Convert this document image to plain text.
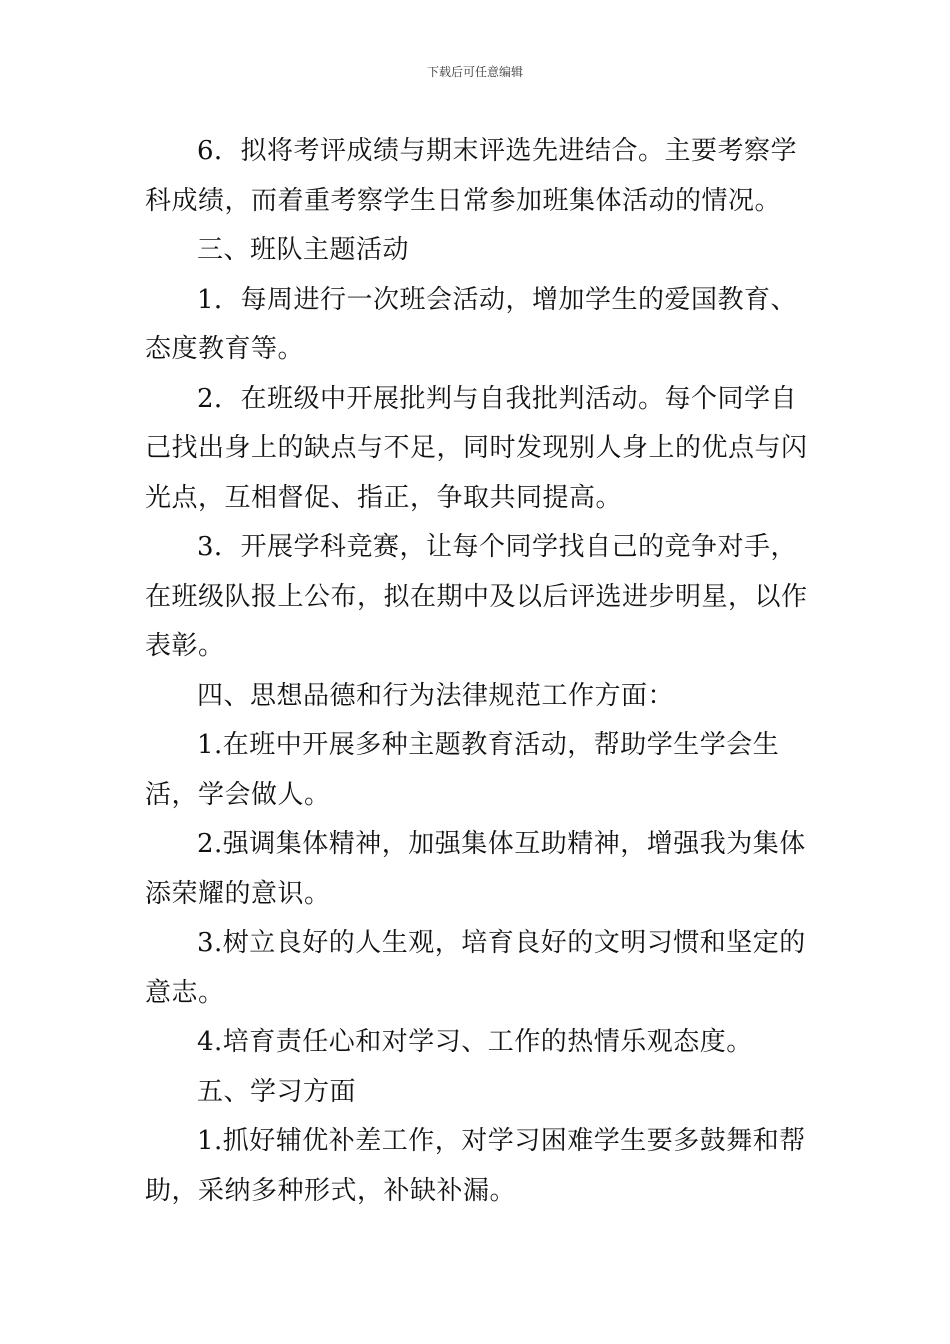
下载后可任意编辑

6．拟将考评成绩与期末评选先进结合。主要考察学科成绩，而着重考察学生日常参加班集体活动的情况。

三、班队主题活动

1．每周进行一次班会活动，增加学生的爱国教育、态度教育等。

2．在班级中开展批判与自我批判活动。每个同学自己找出身上的缺点与不足，同时发现别人身上的优点与闪光点，互相督促、指正，争取共同提高。

3．开展学科竞赛，让每个同学找自己的竞争对手，在班级队报上公布，拟在期中及以后评选进步明星，以作表彰。

四、思想品德和行为法律规范工作方面：

1.在班中开展多种主题教育活动，帮助学生学会生活，学会做人。

2.强调集体精神，加强集体互助精神，增强我为集体添荣耀的意识。

3.树立良好的人生观，培育良好的文明习惯和坚定的意志。

4.培育责任心和对学习、工作的热情乐观态度。

五、学习方面

1.抓好辅优补差工作，对学习困难学生要多鼓舞和帮助，采纳多种形式，补缺补漏。
